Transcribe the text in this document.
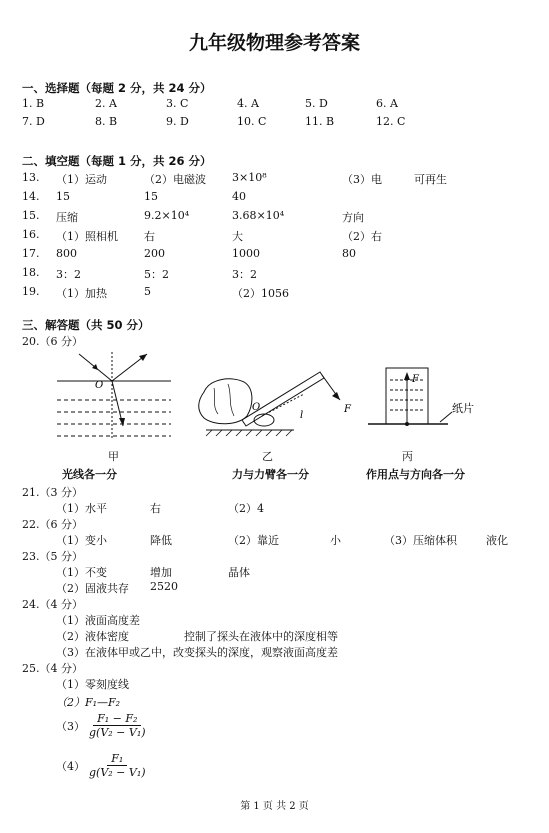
九年级物理参考答案
一、选择题（每题 2 分，共 24 分）
二、填空题（每题 1 分，共 26 分）
三、解答题（共 50 分）
20.（6 分）
O
甲
O	F
l
乙
F
纸片
丙
光线各一分	力与力臂各一分	作用点与方向各一分
21.（3 分）
（1）水平	右	（2）4
22.（6 分）
（1）变小	降低	（2）靠近	小	（3）压缩体积	液化
23.（5 分）
（1）不变	增加	晶体
（2）固液共存 2520
24.（4 分）
（1）液面高度差
（2）液体密度	控制了探头在液体中的深度相等
（3）在液体甲或乙中，改变探头的深度，观察液面高度差
25.（4 分）
（1）零刻度线
（2）F₁—F₂
$(3) \frac{\text{F₁ − F₂}}{\text{g(V₂ − V₁)}}$
$(4) \frac{\text{F₁}}{\text{g(V₂ − V₁)}}$
第 1 页 共 2 页
1. B	2. A	3. C	4. A	5. D	6. A
7. D	8. B	9. D	10. C	11. B	12. C
13. （1）运动	（2）电磁波 3×10⁸	（3）电	可再生
14. 15	15	40
15. 压缩	9.2×10⁴	3.68×10⁴	方向
16. （1）照相机 右	大	（2）右
17. 800	200	1000	80
18. 3：2	5：2	3：2
19. （1）加热	5	（2）1056
